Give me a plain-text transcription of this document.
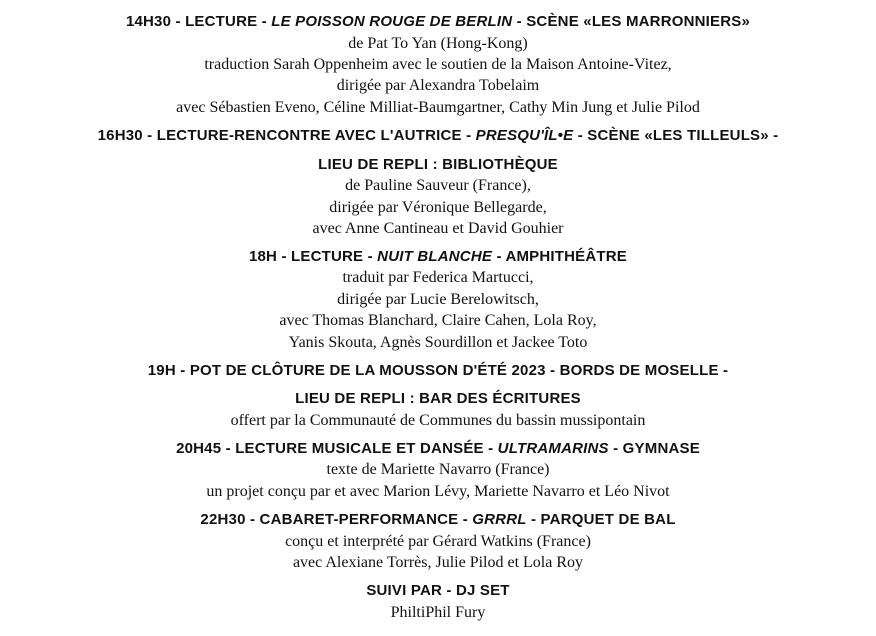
14H30 - LECTURE - LE POISSON ROUGE DE BERLIN - SCÈNE «LES MARRONNIERS»
de Pat To Yan (Hong-Kong)
traduction Sarah Oppenheim avec le soutien de la Maison Antoine-Vitez,
dirigée par Alexandra Tobelaim
avec Sébastien Eveno, Céline Milliat-Baumgartner, Cathy Min Jung et Julie Pilod
16H30 - LECTURE-RENCONTRE AVEC L'AUTRICE - PRESQU'ÎL•E - SCÈNE «LES TILLEULS» -
LIEU DE REPLI : BIBLIOTHÈQUE
de Pauline Sauveur (France),
dirigée par Véronique Bellegarde,
avec Anne Cantineau et David Gouhier
18H - LECTURE - NUIT BLANCHE - AMPHITHÉÂTRE
traduit par Federica Martucci,
dirigée par Lucie Berelowitsch,
avec Thomas Blanchard, Claire Cahen, Lola Roy,
Yanis Skouta, Agnès Sourdillon et Jackee Toto
19H - POT DE CLÔTURE DE LA MOUSSON D'ÉTÉ 2023 - BORDS DE MOSELLE -
LIEU DE REPLI : BAR DES ÉCRITURES
offert par la Communauté de Communes du bassin mussipontain
20H45 - LECTURE MUSICALE ET DANSÉE - ULTRAMARINS - GYMNASE
texte de Mariette Navarro (France)
un projet conçu par et avec Marion Lévy, Mariette Navarro et Léo Nivot
22H30 - CABARET-PERFORMANCE - GRRRL - PARQUET DE BAL
conçu et interprété par Gérard Watkins (France)
avec Alexiane Torrès, Julie Pilod et Lola Roy
SUIVI PAR - DJ SET
PhiltiPhil Fury
